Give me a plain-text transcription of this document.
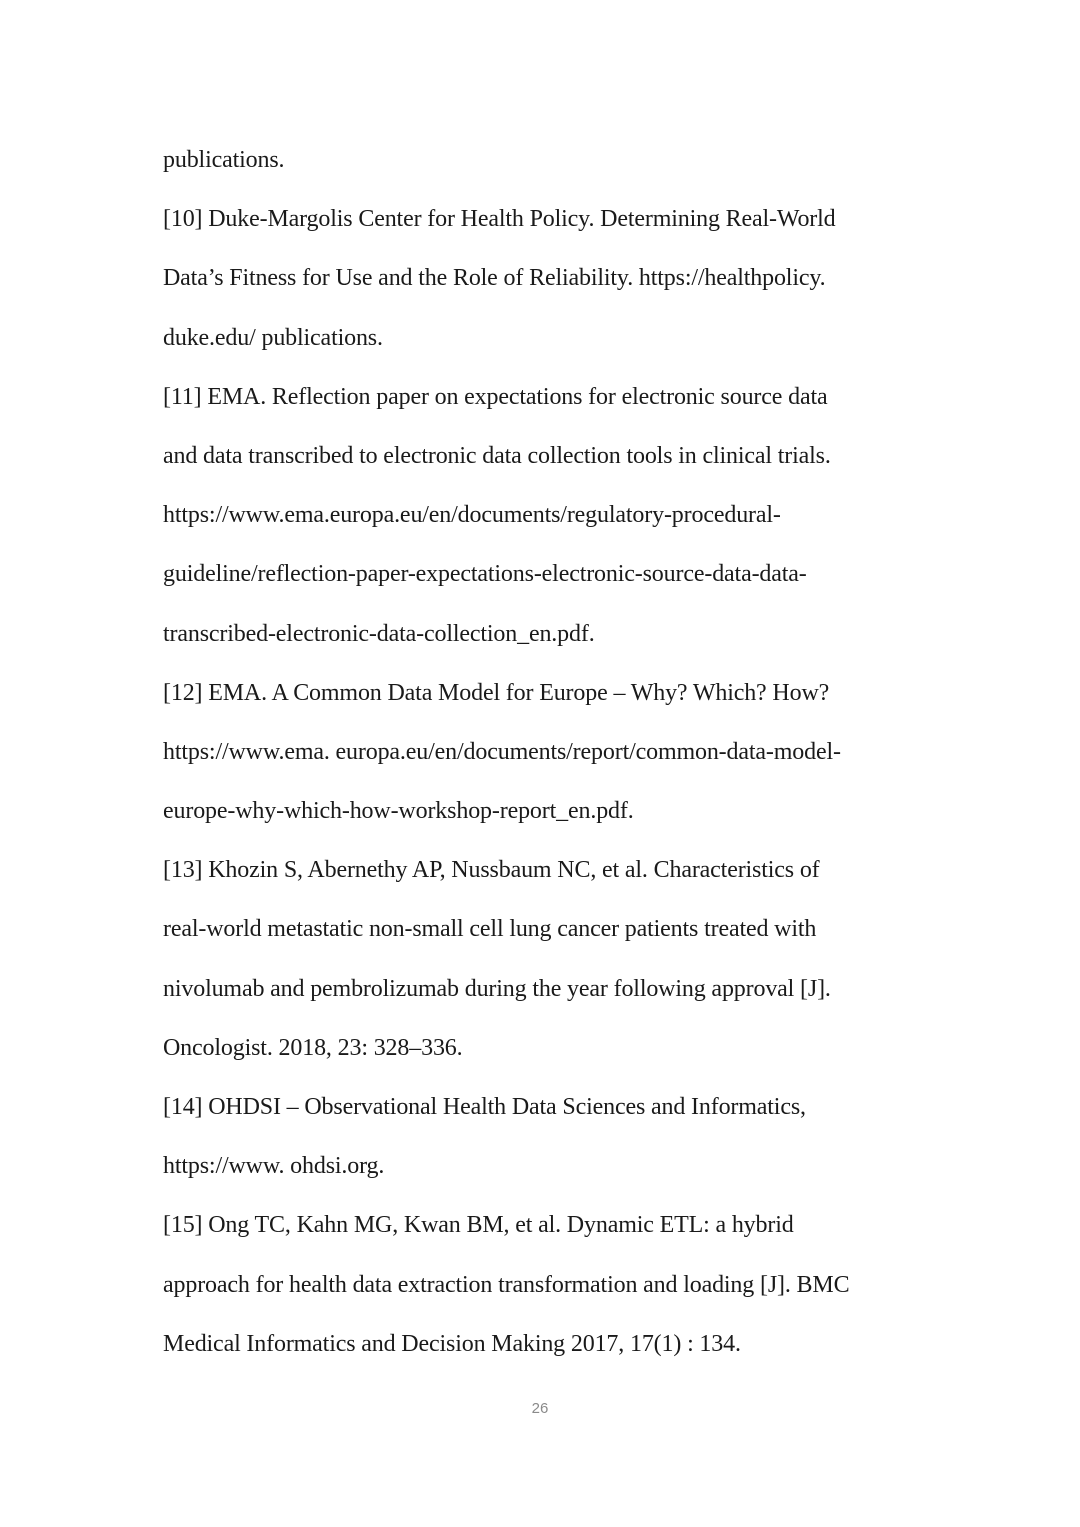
publications.
[10] Duke-Margolis Center for Health Policy. Determining Real-World
Data’s Fitness for Use and the Role of Reliability. https://healthpolicy.
duke.edu/ publications.
[11] EMA. Reflection paper on expectations for electronic source data
and data transcribed to electronic data collection tools in clinical trials.
https://www.ema.europa.eu/en/documents/regulatory-procedural-
guideline/reflection-paper-expectations-electronic-source-data-data-
transcribed-electronic-data-collection_en.pdf.
[12] EMA. A Common Data Model for Europe – Why? Which? How?
https://www.ema. europa.eu/en/documents/report/common-data-model-
europe-why-which-how-workshop-report_en.pdf.
[13] Khozin S, Abernethy AP, Nussbaum NC, et al. Characteristics of
real-world metastatic non-small cell lung cancer patients treated with
nivolumab and pembrolizumab during the year following approval [J].
Oncologist. 2018, 23: 328–336.
[14] OHDSI – Observational Health Data Sciences and Informatics,
https://www. ohdsi.org.
[15] Ong TC, Kahn MG, Kwan BM, et al. Dynamic ETL: a hybrid
approach for health data extraction transformation and loading [J]. BMC
Medical Informatics and Decision Making 2017, 17(1) : 134.
26
